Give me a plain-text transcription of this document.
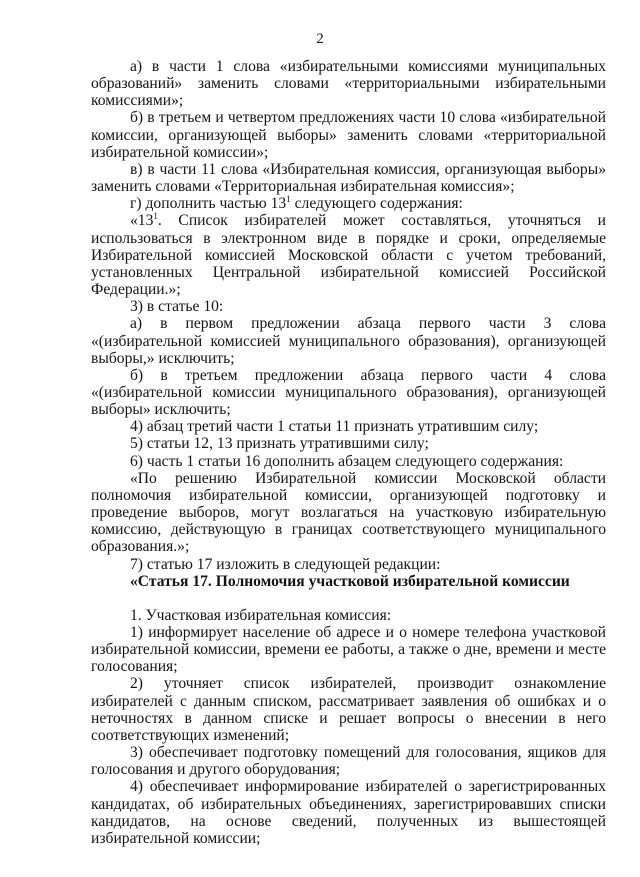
2

а) в части 1 слова «избирательными комиссиями муниципальных образований» заменить словами «территориальными избирательными комиссиями»;

б) в третьем и четвертом предложениях части 10 слова «избирательной комиссии, организующей выборы» заменить словами «территориальной избирательной комиссии»;

в) в части 11 слова «Избирательная комиссия, организующая выборы» заменить словами «Территориальная избирательная комиссия»;

г) дополнить частью $13^1$ следующего содержания:

«$13^1$. Список избирателей может составляться, уточняться и использоваться в электронном виде в порядке и сроки, определяемые Избирательной комиссией Московской области с учетом требований, установленных Центральной избирательной комиссией Российской Федерации.»;

3) в статье 10:

а) в первом предложении абзаца первого части 3 слова «(избирательной комиссией муниципального образования), организующей выборы,» исключить;

б) в третьем предложении абзаца первого части 4 слова «(избирательной комиссии муниципального образования), организующей выборы» исключить;

4) абзац третий части 1 статьи 11 признать утратившим силу;

5) статьи 12, 13 признать утратившими силу;

6) часть 1 статьи 16 дополнить абзацем следующего содержания:

«По решению Избирательной комиссии Московской области полномочия избирательной комиссии, организующей подготовку и проведение выборов, могут возлагаться на участковую избирательную комиссию, действующую в границах соответствующего муниципального образования.»;

7) статью 17 изложить в следующей редакции:

«Статья 17. Полномочия участковой избирательной комиссии

1. Участковая избирательная комиссия:

1) информирует население об адресе и о номере телефона участковой избирательной комиссии, времени ее работы, а также о дне, времени и месте голосования;

2) уточняет список избирателей, производит ознакомление избирателей с данным списком, рассматривает заявления об ошибках и о неточностях в данном списке и решает вопросы о внесении в него соответствующих изменений;

3) обеспечивает подготовку помещений для голосования, ящиков для голосования и другого оборудования;

4) обеспечивает информирование избирателей о зарегистрированных кандидатах, об избирательных объединениях, зарегистрировавших списки кандидатов, на основе сведений, полученных из вышестоящей избирательной комиссии;
